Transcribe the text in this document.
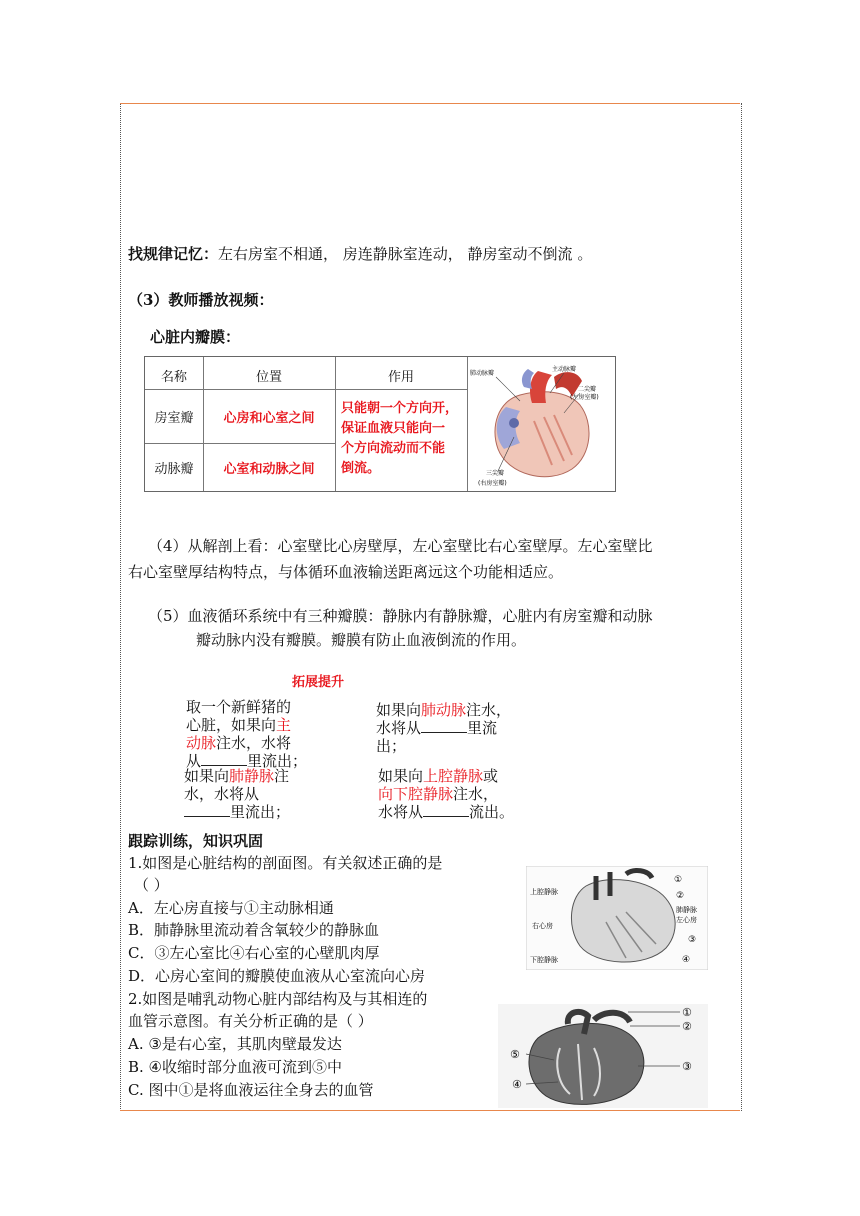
找规律记忆：左右房室不相通， 房连静脉室连动， 静房室动不倒流 。
（3）教师播放视频：
心脏内瓣膜：
名称	位置	作用
房室瓣	心房和心室之间
动脉瓣	心室和动脉之间
只能朝一个方向开，
保证血液只能向一
个方向流动而不能
倒流。
肺动脉瓣
主动脉瓣
二尖瓣
(左房室瓣)
三尖瓣
(右房室瓣)
（4）从解剖上看：心室壁比心房壁厚，左心室壁比右心室壁厚。左心室壁比
右心室壁厚结构特点，与体循环血液输送距离远这个功能相适应。
（5）血液循环系统中有三种瓣膜：静脉内有静脉瓣，心脏内有房室瓣和动脉
瓣动脉内没有瓣膜。瓣膜有防止血液倒流的作用。
拓展提升
取一个新鲜猪的
心脏，如果向主
动脉注水，水将
从	里流出；
如果向肺动脉注水，
水将从	里流
出；
如果向肺静脉注
水，水将从
里流出；
如果向上腔静脉或
向下腔静脉注水，
水将从	流出。
跟踪训练，知识巩固
1.如图是心脏结构的剖面图。有关叙述正确的是
（ ）
A．左心房直接与①主动脉相通
B．肺静脉里流动着含氧较少的静脉血
C．③左心室比④右心室的心壁肌肉厚
D．心房心室间的瓣膜使血液从心室流向心房
上腔静脉
右心房
下腔静脉
肺静脉
左心房
①
②
③
④
2.如图是哺乳动物心脏内部结构及与其相连的
血管示意图。有关分析正确的是（ ）
A. ③是右心室，其肌肉壁最发达
B. ④收缩时部分血液可流到⑤中
C. 图中①是将血液运往全身去的血管
①
②
③
④
⑤
